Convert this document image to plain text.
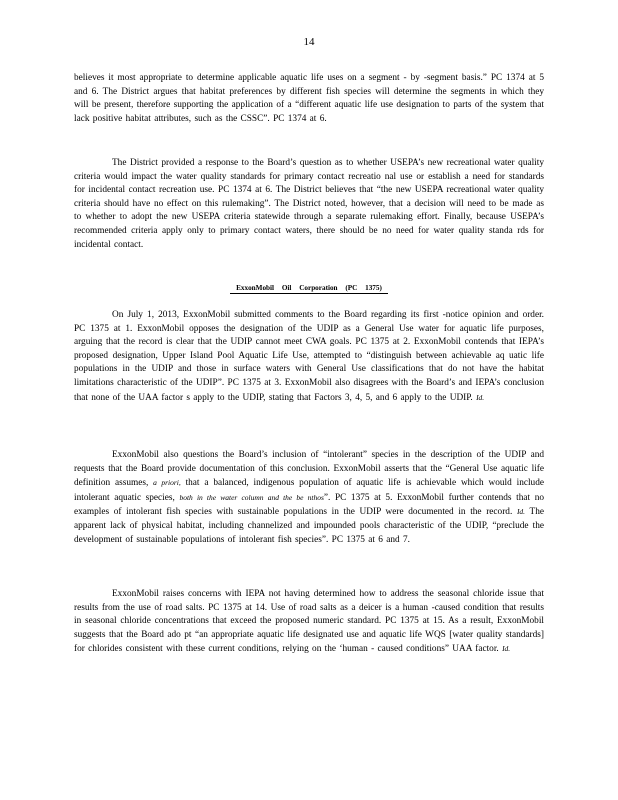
14

believes it most appropriate to determine applicable aquatic life uses on a segment - by -segment basis.” PC 1374 at 5 and 6. The District argues that habitat preferences by different fish species will determine the segments in which they will be present, therefore supporting the application of a “different aquatic life use designation to parts of the system that lack positive habitat attributes, such as the CSSC”. PC 1374 at 6.

The District provided a response to the Board’s question as to whether USEPA’s new recreational water quality criteria would impact the water quality standards for primary contact recreatio nal use or establish a need for standards for incidental contact recreation use. PC 1374 at 6. The District believes that “the new USEPA recreational water quality criteria should have no effect on this rulemaking”. The District noted, however, that a decision will need to be made as to whether to adopt the new USEPA criteria statewide through a separate rulemaking effort. Finally, because USEPA’s recommended criteria apply only to primary contact waters, there should be no need for water quality standa rds for incidental contact.

ExxonMobil Oil Corporation (PC 1375)

On July 1, 2013, ExxonMobil submitted comments to the Board regarding its first -notice opinion and order. PC 1375 at 1. ExxonMobil opposes the designation of the UDIP as a General Use water for aquatic life purposes, arguing that the record is clear that the UDIP cannot meet CWA goals. PC 1375 at 2. ExxonMobil contends that IEPA’s proposed designation, Upper Island Pool Aquatic Life Use, attempted to “distinguish between achievable aq uatic life populations in the UDIP and those in surface waters with General Use classifications that do not have the habitat limitations characteristic of the UDIP”. PC 1375 at 3. ExxonMobil also disagrees with the Board’s and IEPA’s conclusion that none of the UAA factor s apply to the UDIP, stating that Factors 3, 4, 5, and 6 apply to the UDIP. Id.

ExxonMobil also questions the Board’s inclusion of “intolerant” species in the description of the UDIP and requests that the Board provide documentation of this conclusion. ExxonMobil asserts that the “General Use aquatic life definition assumes, a priori, that a balanced, indigenous population of aquatic life is achievable which would include intolerant aquatic species, both in the water column and the be nthos”. PC 1375 at 5. ExxonMobil further contends that no examples of intolerant fish species with sustainable populations in the UDIP were documented in the record. Id. The apparent lack of physical habitat, including channelized and impounded pools characteristic of the UDIP, “preclude the development of sustainable populations of intolerant fish species”. PC 1375 at 6 and 7.

ExxonMobil raises concerns with IEPA not having determined how to address the seasonal chloride issue that results from the use of road salts. PC 1375 at 14. Use of road salts as a deicer is a human -caused condition that results in seasonal chloride concentrations that exceed the proposed numeric standard. PC 1375 at 15. As a result, ExxonMobil suggests that the Board ado pt “an appropriate aquatic life designated use and aquatic life WQS [water quality standards] for chlorides consistent with these current conditions, relying on the ‘human - caused conditions” UAA factor. Id.
